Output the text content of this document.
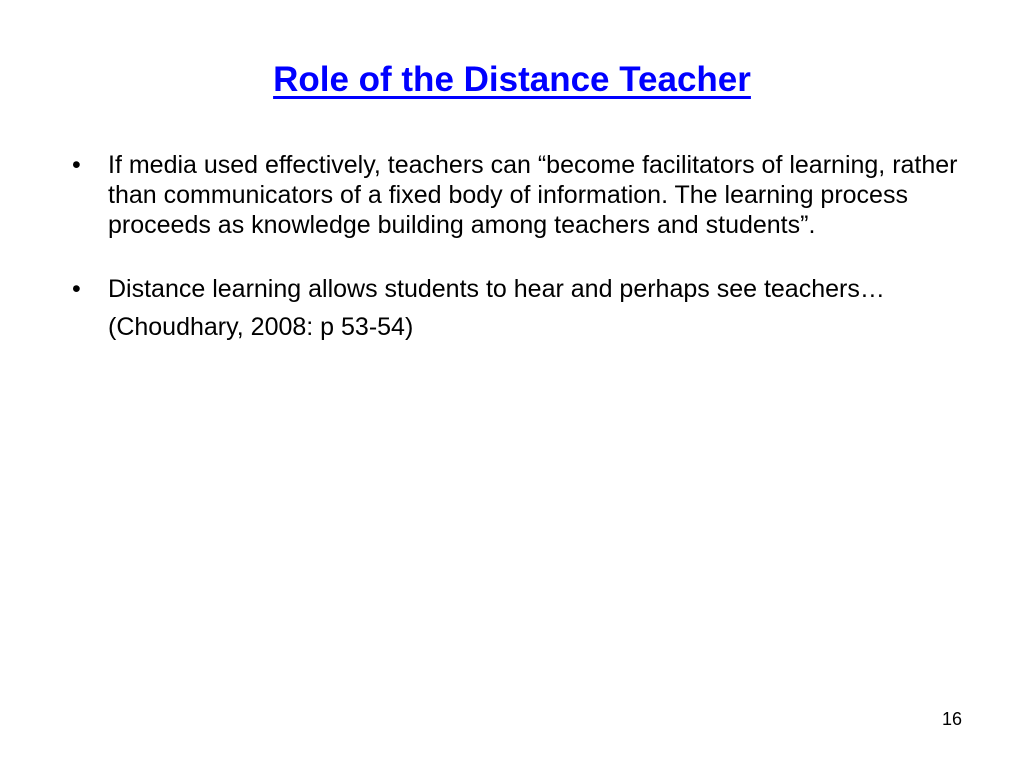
Role of the Distance Teacher
• If media used effectively, teachers can “become facilitators of learning, rather than communicators of a fixed body of information. The learning process proceeds as knowledge building among teachers and students”.
• Distance learning allows students to hear and perhaps see teachers…
(Choudhary, 2008: p 53-54)
16
